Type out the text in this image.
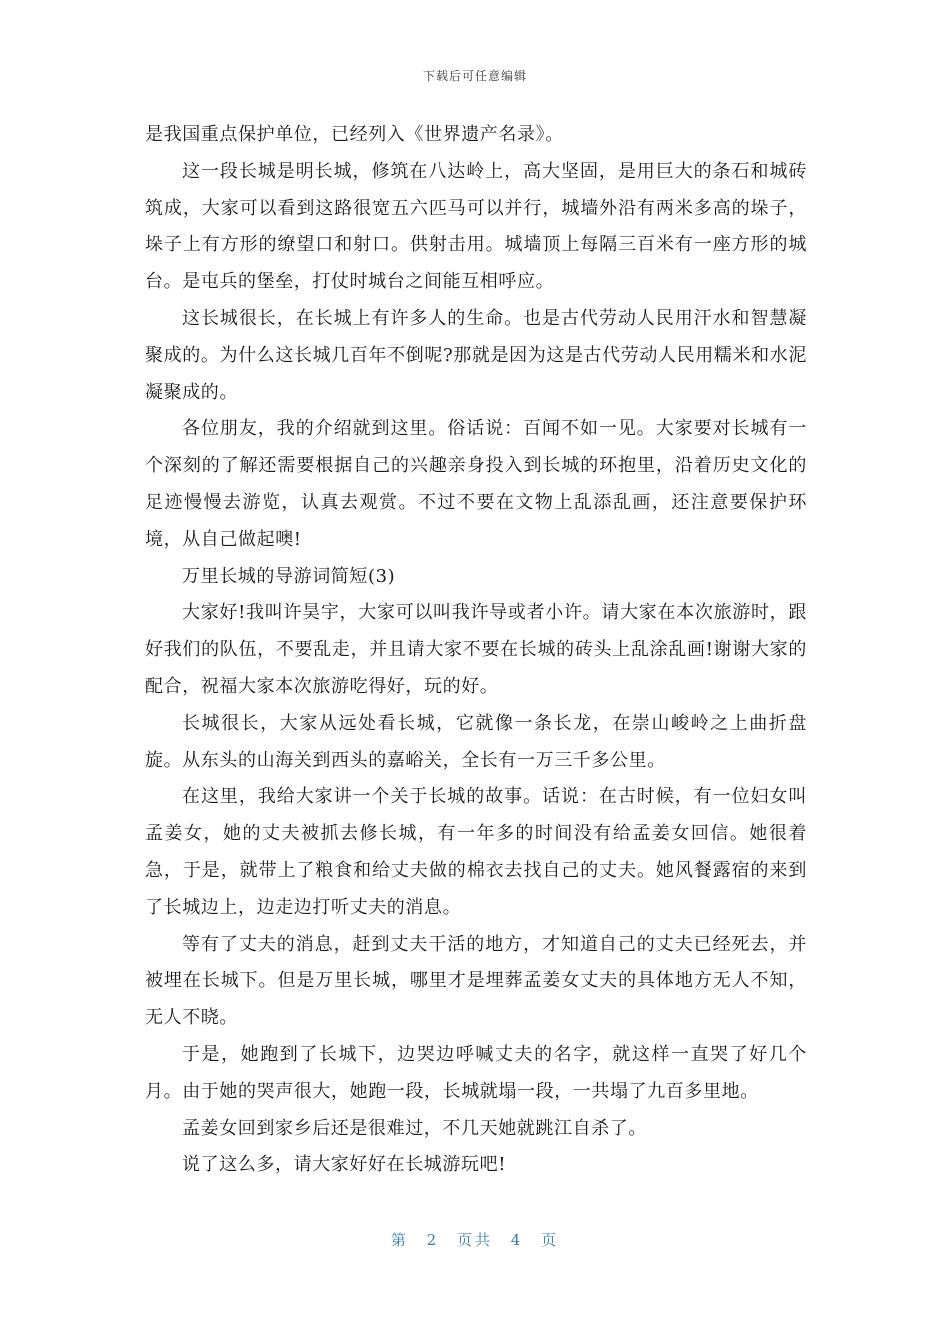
下载后可任意编辑

是我国重点保护单位，已经列入《世界遗产名录》。

这一段长城是明长城，修筑在八达岭上，高大坚固，是用巨大的条石和城砖筑成，大家可以看到这路很宽五六匹马可以并行，城墙外沿有两米多高的垛子，垛子上有方形的缭望口和射口。供射击用。城墙顶上每隔三百米有一座方形的城台。是屯兵的堡垒，打仗时城台之间能互相呼应。

这长城很长，在长城上有许多人的生命。也是古代劳动人民用汗水和智慧凝聚成的。为什么这长城几百年不倒呢?那就是因为这是古代劳动人民用糯米和水泥凝聚成的。

各位朋友，我的介绍就到这里。俗话说：百闻不如一见。大家要对长城有一个深刻的了解还需要根据自己的兴趣亲身投入到长城的环抱里，沿着历史文化的足迹慢慢去游览，认真去观赏。不过不要在文物上乱添乱画，还注意要保护环境，从自己做起噢!

万里长城的导游词简短(3)

大家好!我叫许昊宇，大家可以叫我许导或者小许。请大家在本次旅游时，跟好我们的队伍，不要乱走，并且请大家不要在长城的砖头上乱涂乱画!谢谢大家的配合，祝福大家本次旅游吃得好，玩的好。

长城很长，大家从远处看长城，它就像一条长龙，在崇山峻岭之上曲折盘旋。从东头的山海关到西头的嘉峪关，全长有一万三千多公里。

在这里，我给大家讲一个关于长城的故事。话说：在古时候，有一位妇女叫孟姜女，她的丈夫被抓去修长城，有一年多的时间没有给孟姜女回信。她很着急，于是，就带上了粮食和给丈夫做的棉衣去找自己的丈夫。她风餐露宿的来到了长城边上，边走边打听丈夫的消息。

等有了丈夫的消息，赶到丈夫干活的地方，才知道自己的丈夫已经死去，并被埋在长城下。但是万里长城，哪里才是埋葬孟姜女丈夫的具体地方无人不知，无人不晓。

于是，她跑到了长城下，边哭边呼喊丈夫的名字，就这样一直哭了好几个月。由于她的哭声很大，她跑一段，长城就塌一段，一共塌了九百多里地。

孟姜女回到家乡后还是很难过，不几天她就跳江自杀了。

说了这么多，请大家好好在长城游玩吧!

第 2 页共 4 页
